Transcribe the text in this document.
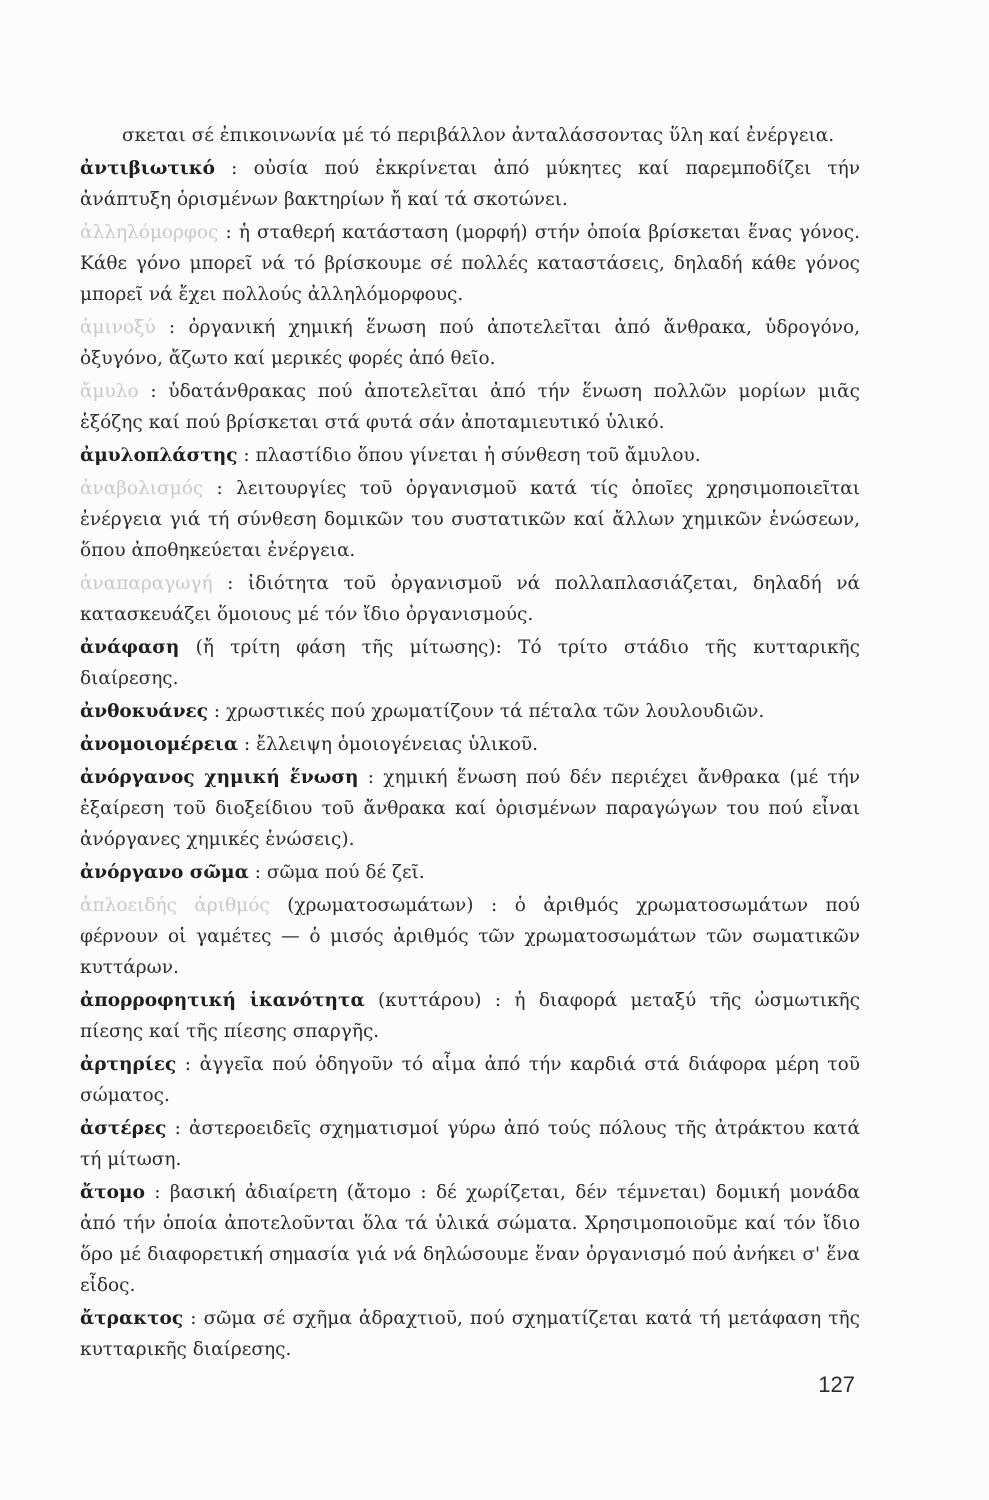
σκεται σέ ἐπικοινωνία μέ τό περιβάλλον ἀνταλάσσοντας ὕλη καί ἐνέργεια.

ἀντιβιωτικό : οὐσία πού ἐκκρίνεται ἀπό μύκητες καί παρεμποδίζει τήν ἀνάπτυξη ὁρισμένων βακτηρίων ἤ καί τά σκοτώνει.

ἀλληλόμορφος : ἡ σταθερή κατάσταση (μορφή) στήν ὁποία βρίσκεται ἕνας γόνος. Κάθε γόνο μπορεῖ νά τό βρίσκουμε σέ πολλές καταστάσεις, δηλαδή κάθε γόνος μπορεῖ νά ἔχει πολλούς ἀλληλόμορφους.

ἀμινοξύ : ὀργανική χημική ἕνωση πού ἀποτελεῖται ἀπό ἄνθρακα, ὑδρογόνο, ὀξυγόνο, ἄζωτο καί μερικές φορές ἀπό θεῖο.

ἄμυλο : ὑδατάνθρακας πού ἀποτελεῖται ἀπό τήν ἕνωση πολλῶν μορίων μιᾶς ἑξόζης καί πού βρίσκεται στά φυτά σάν ἀποταμιευτικό ὑλικό.

ἀμυλοπλάστης : πλαστίδιο ὅπου γίνεται ἡ σύνθεση τοῦ ἄμυλου.

ἀναβολισμός : λειτουργίες τοῦ ὀργανισμοῦ κατά τίς ὁποῖες χρησιμοποιεῖται ἐνέργεια γιά τή σύνθεση δομικῶν του συστατικῶν καί ἄλλων χημικῶν ἑνώσεων, ὅπου ἀποθηκεύεται ἐνέργεια.

ἀναπαραγωγή : ἰδιότητα τοῦ ὀργανισμοῦ νά πολλαπλασιάζεται, δηλαδή νά κατασκευάζει ὅμοιους μέ τόν ἴδιο ὀργανισμούς.

ἀνάφαση (ἤ τρίτη φάση τῆς μίτωσης): Τό τρίτο στάδιο τῆς κυτταρικῆς διαίρεσης.

ἀνθοκυάνες : χρωστικές πού χρωματίζουν τά πέταλα τῶν λουλουδιῶν.

ἀνομοιομέρεια : ἔλλειψη ὁμοιογένειας ὑλικοῦ.

ἀνόργανος χημική ἕνωση : χημική ἕνωση πού δέν περιέχει ἄνθρακα (μέ τήν ἐξαίρεση τοῦ διοξείδιου τοῦ ἄνθρακα καί ὁρισμένων παραγώγων του πού εἶναι ἀνόργανες χημικές ἑνώσεις).

ἀνόργανο σῶμα : σῶμα πού δέ ζεῖ.

ἁπλοειδής ἀριθμός (χρωματοσωμάτων) : ὁ ἀριθμός χρωματοσωμάτων πού φέρνουν οἱ γαμέτες — ὁ μισός ἀριθμός τῶν χρωματοσωμάτων τῶν σωματικῶν κυττάρων.

ἀπορροφητική ἱκανότητα (κυττάρου) : ἡ διαφορά μεταξύ τῆς ὠσμωτικῆς πίεσης καί τῆς πίεσης σπαργῆς.

ἀρτηρίες : ἀγγεῖα πού ὁδηγοῦν τό αἷμα ἀπό τήν καρδιά στά διάφορα μέρη τοῦ σώματος.

ἀστέρες : ἀστεροειδεῖς σχηματισμοί γύρω ἀπό τούς πόλους τῆς ἀτράκτου κατά τή μίτωση.

ἄτομο : βασική ἀδιαίρετη (ἄτομο : δέ χωρίζεται, δέν τέμνεται) δομική μονάδα ἀπό τήν ὁποία ἀποτελοῦνται ὅλα τά ὑλικά σώματα. Χρησιμοποιοῦμε καί τόν ἴδιο ὅρο μέ διαφορετική σημασία γιά νά δηλώσουμε ἕναν ὀργανισμό πού ἀνήκει σ' ἕνα εἶδος.

ἄτρακτος : σῶμα σέ σχῆμα ἀδραχτιοῦ, πού σχηματίζεται κατά τή μετάφαση τῆς κυτταρικῆς διαίρεσης.

127
